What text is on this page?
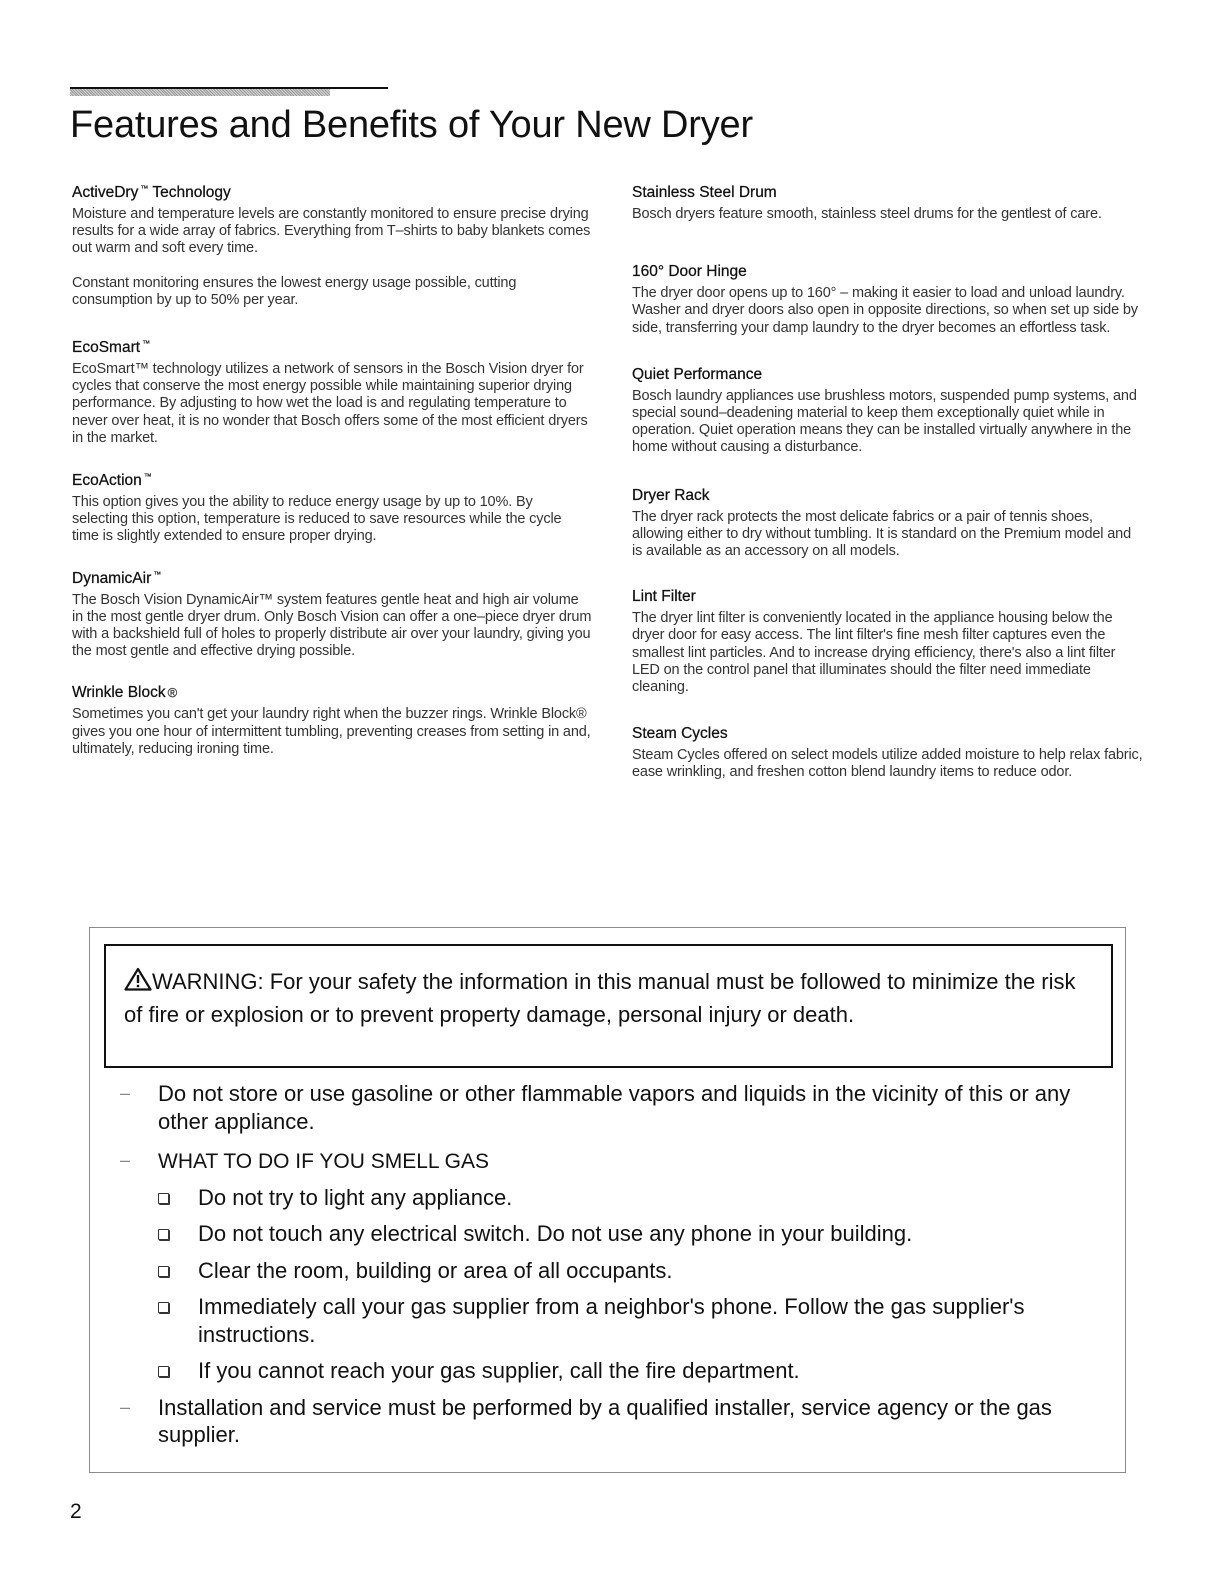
Features and Benefits of Your New Dryer
ActiveDry ™ Technology

Moisture and temperature levels are constantly monitored to ensure precise drying results for a wide array of fabrics. Everything from T–shirts to baby blankets comes out warm and soft every time.

Constant monitoring ensures the lowest energy usage possible, cutting consumption by up to 50% per year.

EcoSmart ™

EcoSmart™ technology utilizes a network of sensors in the Bosch Vision dryer for cycles that conserve the most energy possible while maintaining superior drying performance. By adjusting to how wet the load is and regulating temperature to never over heat, it is no wonder that Bosch offers some of the most efficient dryers in the market.

EcoAction ™

This option gives you the ability to reduce energy usage by up to 10%. By selecting this option, temperature is reduced to save resources while the cycle time is slightly extended to ensure proper drying.

DynamicAir ™

The Bosch Vision DynamicAir™ system features gentle heat and high air volume in the most gentle dryer drum. Only Bosch Vision can offer a one–piece dryer drum with a backshield full of holes to properly distribute air over your laundry, giving you the most gentle and effective drying possible.

Wrinkle Block ®

Sometimes you can't get your laundry right when the buzzer rings. Wrinkle Block® gives you one hour of intermittent tumbling, preventing creases from setting in and, ultimately, reducing ironing time.

Stainless Steel Drum

Bosch dryers feature smooth, stainless steel drums for the gentlest of care.

160° Door Hinge

The dryer door opens up to 160° – making it easier to load and unload laundry. Washer and dryer doors also open in opposite directions, so when set up side by side, transferring your damp laundry to the dryer becomes an effortless task.

Quiet Performance

Bosch laundry appliances use brushless motors, suspended pump systems, and special sound–deadening material to keep them exceptionally quiet while in operation. Quiet operation means they can be installed virtually anywhere in the home without causing a disturbance.

Dryer Rack

The dryer rack protects the most delicate fabrics or a pair of tennis shoes, allowing either to dry without tumbling. It is standard on the Premium model and is available as an accessory on all models.

Lint Filter

The dryer lint filter is conveniently located in the appliance housing below the dryer door for easy access. The lint filter's fine mesh filter captures even the smallest lint particles. And to increase drying efficiency, there's also a lint filter LED on the control panel that illuminates should the filter need immediate cleaning.

Steam Cycles

Steam Cycles offered on select models utilize added moisture to help relax fabric, ease wrinkling, and freshen cotton blend laundry items to reduce odor.

WARNING: For your safety the information in this manual must be followed to minimize the risk of fire or explosion or to prevent property damage, personal injury or death.

– Do not store or use gasoline or other flammable vapors and liquids in the vicinity of this or any other appliance.
– WHAT TO DO IF YOU SMELL GAS
Do not try to light any appliance.
Do not touch any electrical switch. Do not use any phone in your building.
Clear the room, building or area of all occupants.
Immediately call your gas supplier from a neighbor's phone. Follow the gas supplier's instructions.
If you cannot reach your gas supplier, call the fire department.
– Installation and service must be performed by a qualified installer, service agency or the gas supplier.
2
